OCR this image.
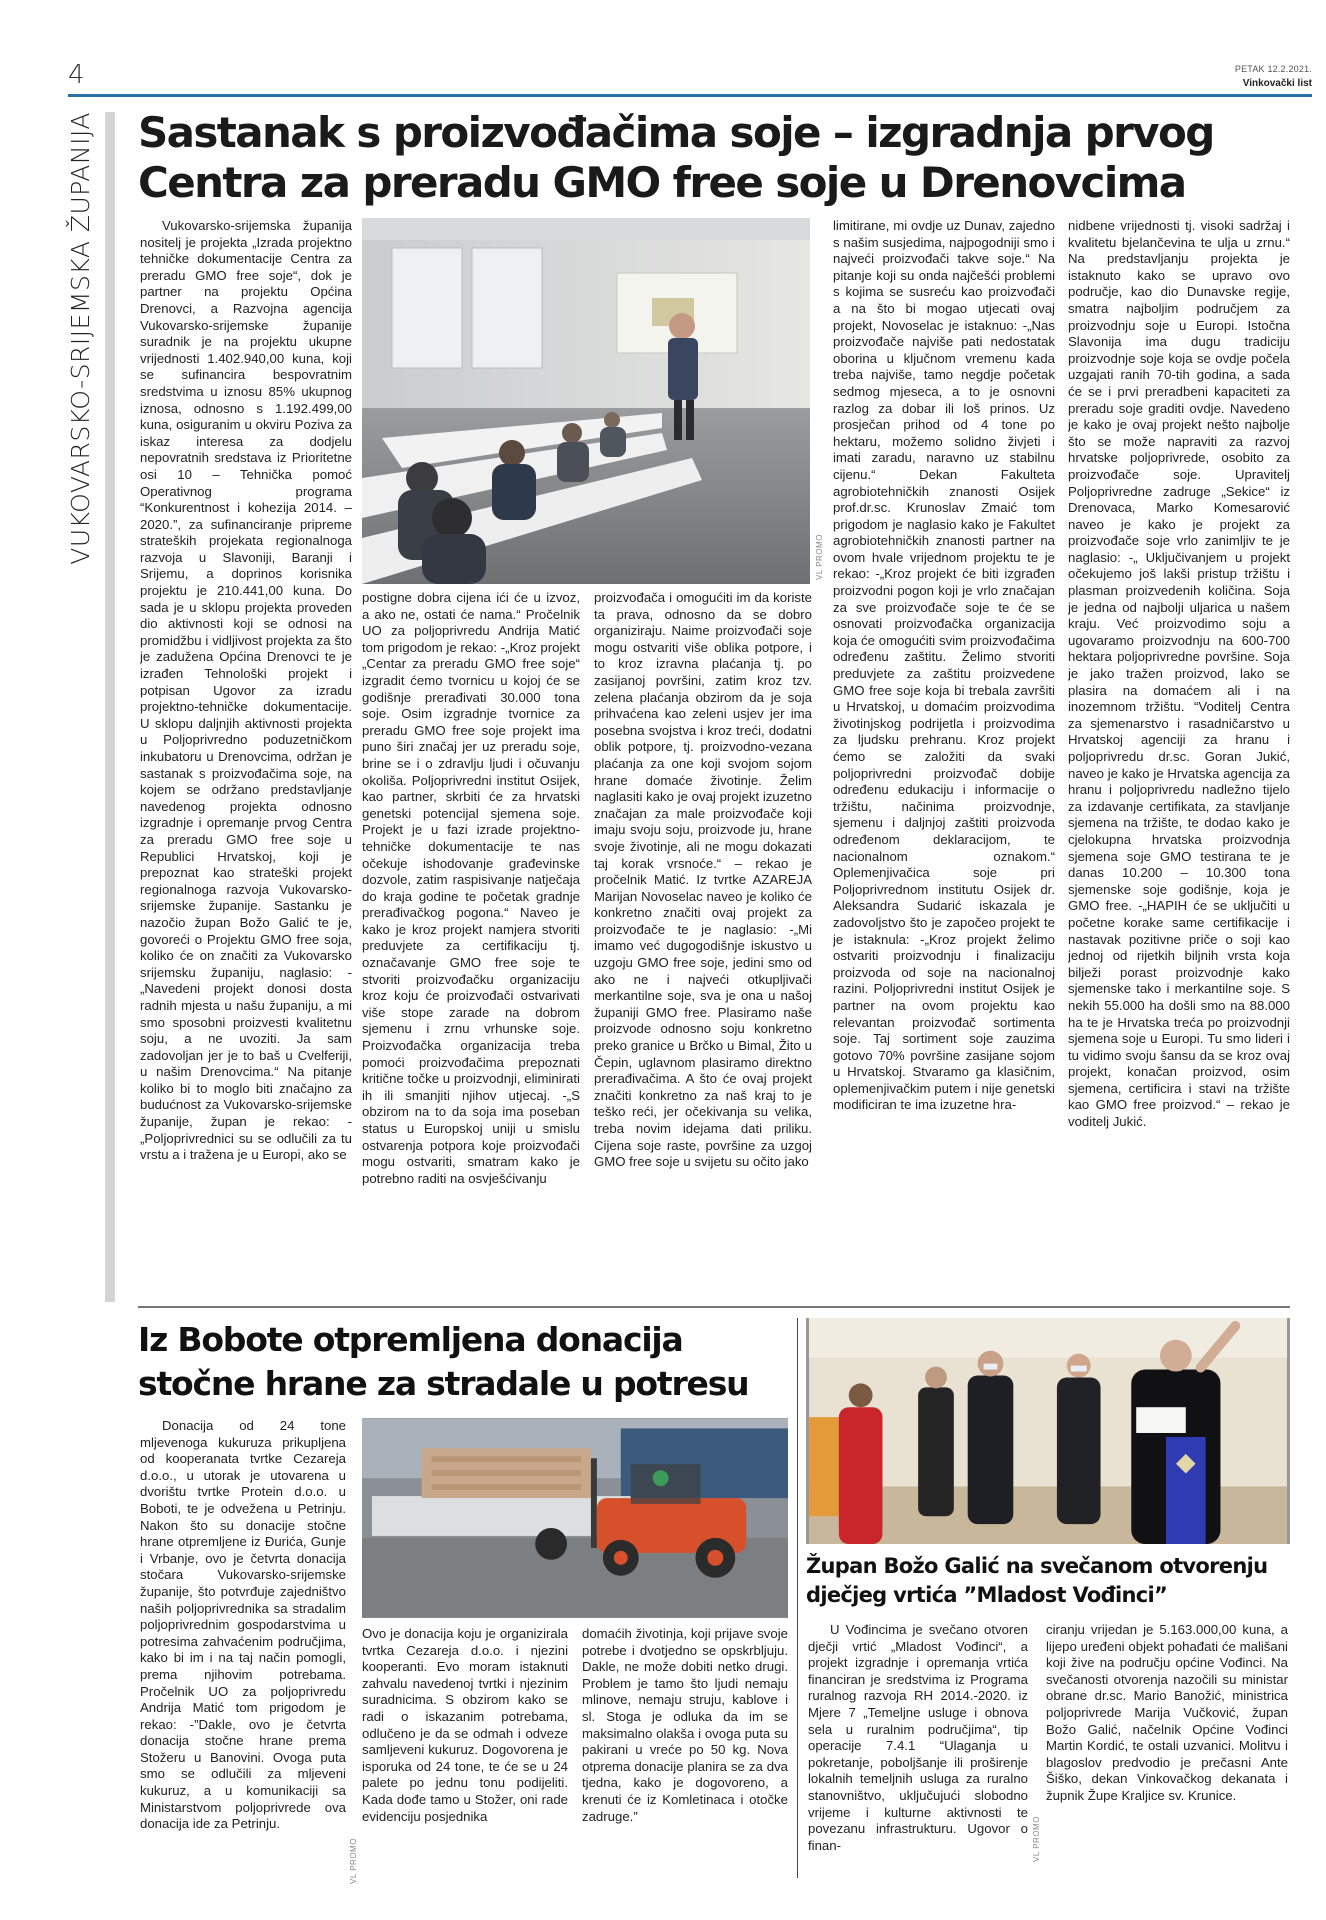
4	PETAK 12.2.2021.
Vinkovački list
VUKOVARSKO-SRIJEMSKA ŽUPANIJA Sastanak s proizvođačima soje – izgradnja prvog
Centra za preradu GMO free soje u Drenovcima

Vukovarsko-srijemska županija nositelj je projekta „Izrada projektno tehničke dokumentacije Centra za preradu GMO free soje“, dok je partner na projektu Općina Drenovci, a Razvojna agencija Vukovarsko-srijemske županije suradnik je na projektu ukupne vrijednosti 1.402.940,00 kuna, koji se sufinancira bespovratnim sredstvima u iznosu 85% ukupnog iznosa, odnosno s 1.192.499,00 kuna, osiguranim u okviru Poziva za iskaz interesa za dodjelu nepovratnih sredstava iz Prioritetne osi 10 – Tehnička pomoć Operativnog programa “Konkurentnost i kohezija 2014. – 2020.”, za sufinanciranje pripreme strateških projekata regionalnoga razvoja u Slavoniji, Baranji i Srijemu, a doprinos korisnika projektu je 210.441,00 kuna. Do sada je u sklopu projekta proveden dio aktivnosti koji se odnosi na promidžbu i vidljivost projekta za što je zadužena Općina Drenovci te je izrađen Tehnološki projekt i potpisan Ugovor za izradu projektno-tehničke dokumentacije. U sklopu daljnjih aktivnosti projekta u Poljoprivredno poduzetničkom inkubatoru u Drenovcima, održan je sastanak s proizvođačima soje, na kojem se održano predstavljanje navedenog projekta odnosno izgradnje i opremanje prvog Centra za preradu GMO free soje u Republici Hrvatskoj, koji je prepoznat kao strateški projekt regionalnoga razvoja Vukovarsko-srijemske županije. Sastanku je nazočio župan Božo Galić te je, govoreći o Projektu GMO free soja, koliko će on značiti za Vukovarsko srijemsku županiju, naglasio: - „Navedeni projekt donosi dosta radnih mjesta u našu županiju, a mi smo sposobni proizvesti kvalitetnu soju, a ne uvoziti. Ja sam zadovoljan jer je to baš u Cvelferiji, u našim Drenovcima.“ Na pitanje koliko bi to moglo biti značajno za budućnost za Vukovarsko-srijemske županije, župan je rekao: -„Poljoprivrednici su se odlučili za tu vrstu a i tražena je u Europi, ako se

VL PROMO

postigne dobra cijena ići će u izvoz, a ako ne, ostati će nama.“ Pročelnik UO za poljoprivredu Andrija Matić tom prigodom je rekao: -„Kroz projekt „Centar za preradu GMO free soje“ izgradit ćemo tvornicu u kojoj će se godišnje prerađivati 30.000 tona soje. Osim izgradnje tvornice za preradu GMO free soje projekt ima puno širi značaj jer uz preradu soje, brine se i o zdravlju ljudi i očuvanju okoliša. Poljoprivredni institut Osijek, kao partner, skrbiti će za hrvatski genetski potencijal sjemena soje. Projekt je u fazi izrade projektno-tehničke dokumentacije te nas očekuje ishodovanje građevinske dozvole, zatim raspisivanje natječaja do kraja godine te početak gradnje prerađivačkog pogona.“ Naveo je kako je kroz projekt namjera stvoriti preduvjete za certifikaciju tj. označavanje GMO free soje te stvoriti proizvođačku organizaciju kroz koju će proizvođači ostvarivati više stope zarade na dobrom sjemenu i zrnu vrhunske soje. Proizvođačka organizacija treba pomoći proizvođačima prepoznati kritične točke u proizvodnji, eliminirati ih ili smanjiti njihov utjecaj. -„S obzirom na to da soja ima poseban status u Europskoj uniji u smislu ostvarenja potpora koje proizvođači mogu ostvariti, smatram kako je potrebno raditi na osvješćivanju

proizvođača i omogućiti im da koriste ta prava, odnosno da se dobro organiziraju. Naime proizvođači soje mogu ostvariti više oblika potpore, i to kroz izravna plaćanja tj. po zasijanoj površini, zatim kroz tzv. zelena plaćanja obzirom da je soja prihvaćena kao zeleni usjev jer ima posebna svojstva i kroz treći, dodatni oblik potpore, tj. proizvodno-vezana plaćanja za one koji svojom sojom hrane domaće životinje. Želim naglasiti kako je ovaj projekt izuzetno značajan za male proizvođače koji imaju svoju soju, proizvode ju, hrane svoje životinje, ali ne mogu dokazati taj korak vrsnoće.“ – rekao je pročelnik Matić. Iz tvrtke AZAREJA Marijan Novoselac naveo je koliko će konkretno značiti ovaj projekt za proizvođače te je naglasio: -„Mi imamo već dugogodišnje iskustvo u uzgoju GMO free soje, jedini smo od ako ne i najveći otkupljivači merkantilne soje, sva je ona u našoj županiji GMO free. Plasiramo naše proizvode odnosno soju konkretno preko granice u Brčko u Bimal, Žito u Čepin, uglavnom plasiramo direktno prerađivačima. A što će ovaj projekt značiti konkretno za naš kraj to je teško reći, jer očekivanja su velika, treba novim idejama dati priliku. Cijena soje raste, površine za uzgoj GMO free soje u svijetu su očito jako

limitirane, mi ovdje uz Dunav, zajedno s našim susjedima, najpogodniji smo i najveći proizvođači takve soje.“ Na pitanje koji su onda najčešći problemi s kojima se susreću kao proizvođači a na što bi mogao utjecati ovaj projekt, Novoselac je istaknuo: -„Nas proizvođače najviše pati nedostatak oborina u ključnom vremenu kada treba najviše, tamo negdje početak sedmog mjeseca, a to je osnovni razlog za dobar ili loš prinos. Uz prosječan prihod od 4 tone po hektaru, možemo solidno živjeti i imati zaradu, naravno uz stabilnu cijenu.“ Dekan Fakulteta agrobiotehničkih znanosti Osijek prof.dr.sc. Krunoslav Zmaić tom prigodom je naglasio kako je Fakultet agrobiotehničkih znanosti partner na ovom hvale vrijednom projektu te je rekao: -„Kroz projekt će biti izgrađen proizvodni pogon koji je vrlo značajan za sve proizvođače soje te će se osnovati proizvođačka organizacija koja će omogućiti svim proizvođačima određenu zaštitu. Želimo stvoriti preduvjete za zaštitu proizvedene GMO free soje koja bi trebala završiti u Hrvatskoj, u domaćim proizvodima životinjskog podrijetla i proizvodima za ljudsku prehranu. Kroz projekt ćemo se založiti da svaki poljoprivredni proizvođač dobije određenu edukaciju i informacije o tržištu, načinima proizvodnje, sjemenu i daljnjoj zaštiti proizvoda određenom deklaracijom, te nacionalnom oznakom.“ Oplemenjivačica soje pri Poljoprivrednom institutu Osijek dr. Aleksandra Sudarić iskazala je zadovoljstvo što je započeo projekt te je istaknula: -„Kroz projekt želimo ostvariti proizvodnju i finalizaciju proizvoda od soje na nacionalnoj razini. Poljoprivredni institut Osijek je partner na ovom projektu kao relevantan proizvođač sortimenta soje. Taj sortiment soje zauzima gotovo 70% površine zasijane sojom u Hrvatskoj. Stvaramo ga klasičnim, oplemenjivačkim putem i nije genetski modificiran te ima izuzetne hra-

nidbene vrijednosti tj. visoki sadržaj i kvalitetu bjelančevina te ulja u zrnu.“ Na predstavljanju projekta je istaknuto kako se upravo ovo područje, kao dio Dunavske regije, smatra najboljim područjem za proizvodnju soje u Europi. Istočna Slavonija ima dugu tradiciju proizvodnje soje koja se ovdje počela uzgajati ranih 70-tih godina, a sada će se i prvi preradbeni kapaciteti za preradu soje graditi ovdje. Navedeno je kako je ovaj projekt nešto najbolje što se može napraviti za razvoj hrvatske poljoprivrede, osobito za proizvođače soje. Upravitelj Poljoprivredne zadruge „Sekice“ iz Drenovaca, Marko Komesarović naveo je kako je projekt za proizvođače soje vrlo zanimljiv te je naglasio: -„ Uključivanjem u projekt očekujemo još lakši pristup tržištu i plasman proizvedenih količina. Soja je jedna od najbolji uljarica u našem kraju. Već proizvodimo soju a ugovaramo proizvodnju na 600-700 hektara poljoprivredne površine. Soja je jako tražen proizvod, lako se plasira na domaćem ali i na inozemnom tržištu. “Voditelj Centra za sjemenarstvo i rasadničarstvo u Hrvatskoj agenciji za hranu i poljoprivredu dr.sc. Goran Jukić, naveo je kako je Hrvatska agencija za hranu i poljoprivredu nadležno tijelo za izdavanje certifikata, za stavljanje sjemena na tržište, te dodao kako je cjelokupna hrvatska proizvodnja sjemena soje GMO testirana te je danas 10.200 – 10.300 tona sjemenske soje godišnje, koja je GMO free. -„HAPIH će se uključiti u početne korake same certifikacije i nastavak pozitivne priče o soji kao jednoj od rijetkih biljnih vrsta koja bilježi porast proizvodnje kako sjemenske tako i merkantilne soje. S nekih 55.000 ha došli smo na 88.000 ha te je Hrvatska treća po proizvodnji sjemena soje u Europi. Tu smo lideri i tu vidimo svoju šansu da se kroz ovaj projekt, konačan proizvod, osim sjemena, certificira i stavi na tržište kao GMO free proizvod.“ – rekao je voditelj Jukić.

Iz Bobote otpremljena donacija
stočne hrane za stradale u potresu

Donacija od 24 tone mljevenoga kukuruza prikupljena od kooperanata tvrtke Cezareja d.o.o., u utorak je utovarena u dvorištu tvrtke Protein d.o.o. u Boboti, te je odvežena u Petrinju. Nakon što su donacije stočne hrane otpremljene iz Đurića, Gunje i Vrbanje, ovo je četvrta donacija stočara Vukovarsko-srijemske županije, što potvrđuje zajedništvo naših poljoprivrednika sa stradalim poljoprivrednim gospodarstvima u potresima zahvaćenim područjima, kako bi im i na taj način pomogli, prema njihovim potrebama. Pročelnik UO za poljoprivredu Andrija Matić tom prigodom je rekao: -”Dakle, ovo je četvrta donacija stočne hrane prema Stožeru u Banovini. Ovoga puta smo se odlučili za mljeveni kukuruz, a u komunikaciji sa Ministarstvom poljoprivrede ova donacija ide za Petrinju.

VL PROMO

Ovo je donacija koju je organizirala tvrtka Cezareja d.o.o. i njezini kooperanti. Evo moram istaknuti zahvalu navedenoj tvrtki i njezinim suradnicima. S obzirom kako se radi o iskazanim potrebama, odlučeno je da se odmah i odveze samljeveni kukuruz. Dogovorena je isporuka od 24 tone, te će se u 24 palete po jednu tonu podijeliti. Kada dođe tamo u Stožer, oni rade evidenciju posjednika

domaćih životinja, koji prijave svoje potrebe i dvotjedno se opskrbljuju. Dakle, ne može dobiti netko drugi. Problem je tamo što ljudi nemaju mlinove, nemaju struju, kablove i sl. Stoga je odluka da im se maksimalno olakša i ovoga puta su pakirani u vreće po 50 kg. Nova otprema donacije planira se za dva tjedna, kako je dogovoreno, a krenuti će iz Komletinaca i otočke zadruge.”

Župan Božo Galić na svečanom otvorenju
dječjeg vrtića ”Mladost Vođinci”

U Vođincima je svečano otvoren dječji vrtić „Mladost Vođinci“, a projekt izgradnje i opremanja vrtića financiran je sredstvima iz Programa ruralnog razvoja RH 2014.-2020. iz Mjere 7 „Temeljne usluge i obnova sela u ruralnim područjima“, tip operacije 7.4.1 “Ulaganja u pokretanje, poboljšanje ili proširenje lokalnih temeljnih usluga za ruralno stanovništvo, uključujući slobodno vrijeme i kulturne aktivnosti te povezanu infrastrukturu. Ugovor o finan-	VL PROMO

ciranju vrijedan je 5.163.000,00 kuna, a lijepo uređeni objekt pohađati će mališani koji žive na području općine Vođinci. Na svečanosti otvorenja nazočili su ministar obrane dr.sc. Mario Banožić, ministrica poljoprivrede Marija Vučković, župan Božo Galić, načelnik Općine Vođinci Martin Kordić, te ostali uzvanici. Molitvu i blagoslov predvodio je prečasni Ante Šiško, dekan Vinkovačkog dekanata i župnik Župe Kraljice sv. Krunice.
